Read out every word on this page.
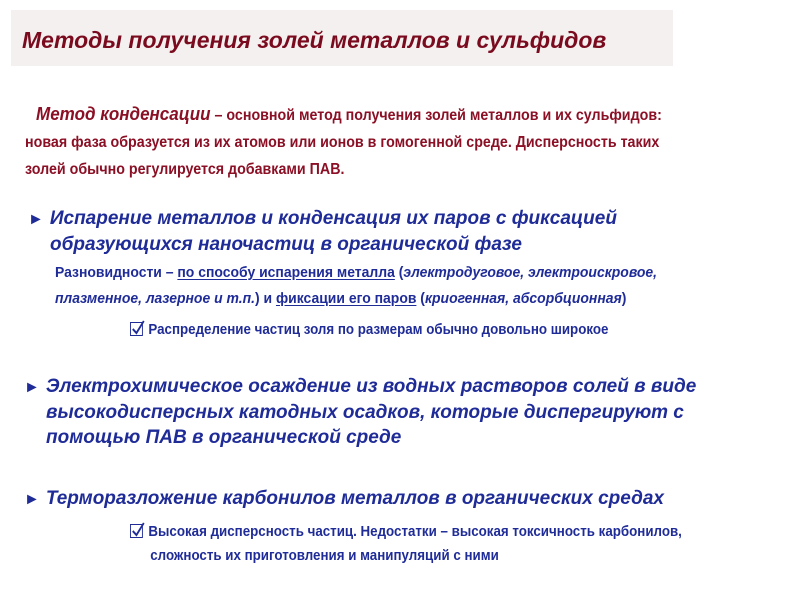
Методы получения золей металлов и сульфидов
Метод конденсации – основной метод получения золей металлов и их сульфидов:
новая фаза образуется из их атомов или ионов в гомогенной среде. Дисперсность таких
золей обычно регулируется добавками ПАВ.
► Испарение металлов и конденсация их паров с фиксацией
образующихся наночастиц в органической фазе
Разновидности – по способу испарения металла (электродуговое, электроискровое,
плазменное, лазерное и т.п.) и фиксации его паров (криогенная, абсорбционная)
Распределение частиц золя по размерам обычно довольно широкое
► Электрохимическое осаждение из водных растворов солей в виде
высокодисперсных катодных осадков, которые диспергируют с
помощью ПАВ в органической среде
► Терморазложение карбонилов металлов в органических средах
Высокая дисперсность частиц. Недостатки – высокая токсичность карбонилов,
сложность их приготовления и манипуляций с ними
